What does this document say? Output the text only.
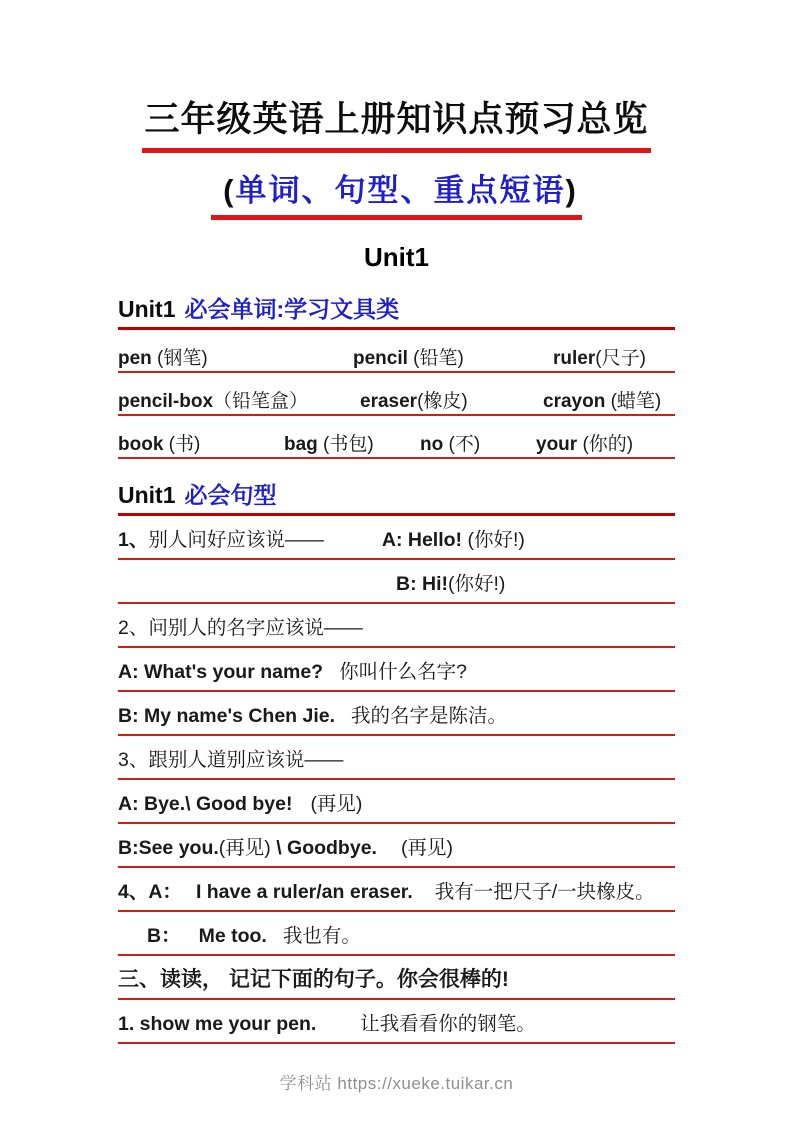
三年级英语上册知识点预习总览
(单词、句型、重点短语)
Unit1
Unit1 必会单词:学习文具类
pen (钢笔)	pencil (铅笔)	ruler(尺子)
pencil-box（铅笔盒）	eraser(橡皮)	crayon (蜡笔)
book (书)	bag (书包) no (不)	your (你的)
Unit1 必会句型
1、别人问好应该说——	A: Hello! (你好!)
B: Hi!(你好!)
2、问别人的名字应该说——
A: What's your name? 你叫什么名字?
B: My name's Chen Jie. 我的名字是陈洁。
3、跟别人道别应该说——
A: Bye.\ Good bye! (再见)
B:See you.(再见) \ Goodbye. (再见)
4、A： I have a ruler/an eraser. 我有一把尺子/一块橡皮。
B： Me too. 我也有。
三、读读， 记记下面的句子。你会很棒的!
1. show me your pen. 让我看看你的钢笔。
学科站 https://xueke.tuikar.cn
